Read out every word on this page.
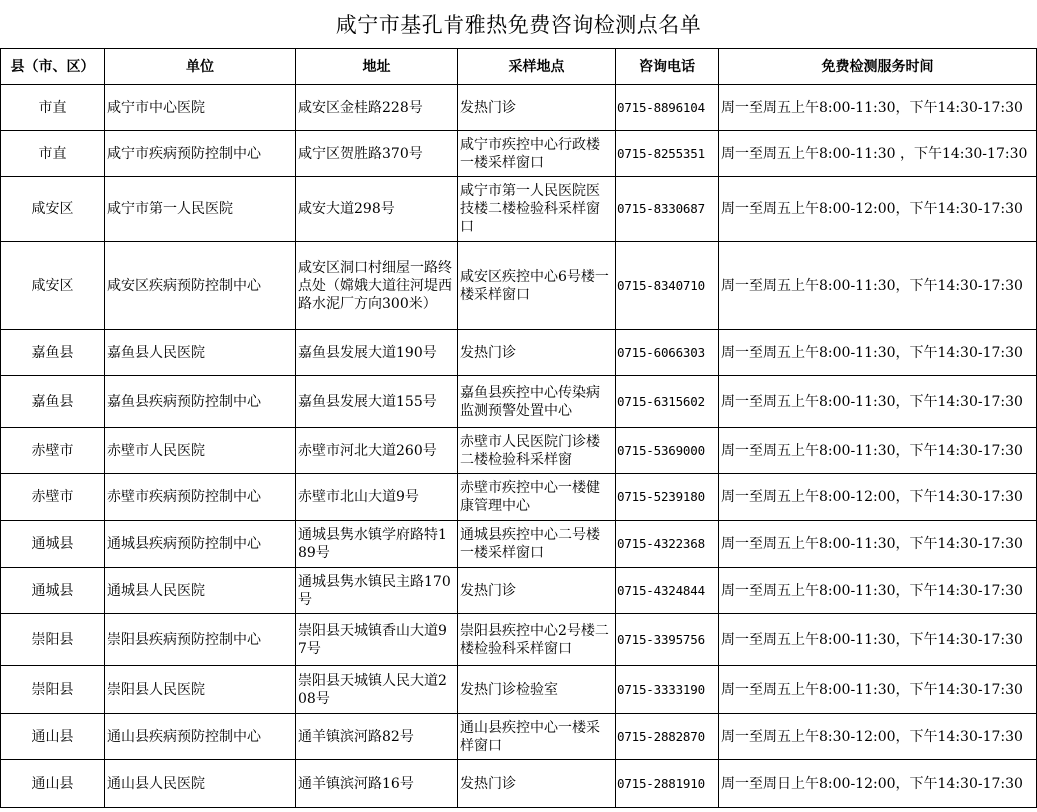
咸宁市基孔肯雅热免费咨询检测点名单
县（市、区）	单位	地址	采样地点	咨询电话	免费检测服务时间
市直	咸宁市中心医院	咸安区金桂路228号	发热门诊	0715-8896104	周一至周五上午8:00-11:30，下午14:30-17:30
市直	咸宁市疾病预防控制中心	咸宁区贺胜路370号	咸宁市疾控中心行政楼一楼采样窗口	0715-8255351	周一至周五上午8:00-11:30 ，下午14:30-17:30
咸安区	咸宁市第一人民医院	咸安大道298号	咸宁市第一人民医院医技楼二楼检验科采样窗口	0715-8330687	周一至周五上午8:00-12:00，下午14:30-17:30
咸安区	咸安区疾病预防控制中心	咸安区洞口村细屋一路终点处（嫦娥大道往河堤西路水泥厂方向300米）	咸安区疾控中心6号楼一楼采样窗口	0715-8340710	周一至周五上午8:00-11:30，下午14:30-17:30
嘉鱼县	嘉鱼县人民医院	嘉鱼县发展大道190号	发热门诊	0715-6066303	周一至周五上午8:00-11:30，下午14:30-17:30
嘉鱼县	嘉鱼县疾病预防控制中心	嘉鱼县发展大道155号	嘉鱼县疾控中心传染病监测预警处置中心	0715-6315602	周一至周五上午8:00-11:30，下午14:30-17:30
赤壁市	赤壁市人民医院	赤壁市河北大道260号	赤壁市人民医院门诊楼二楼检验科采样窗	0715-5369000	周一至周五上午8:00-11:30，下午14:30-17:30
赤壁市	赤壁市疾病预防控制中心	赤壁市北山大道9号	赤壁市疾控中心一楼健康管理中心	0715-5239180	周一至周五上午8:00-12:00，下午14:30-17:30
通城县	通城县疾病预防控制中心	通城县隽水镇学府路特189号	通城县疾控中心二号楼一楼采样窗口	0715-4322368	周一至周五上午8:00-11:30，下午14:30-17:30
通城县	通城县人民医院	通城县隽水镇民主路170号	发热门诊	0715-4324844	周一至周五上午8:00-11:30，下午14:30-17:30
崇阳县	崇阳县疾病预防控制中心	崇阳县天城镇香山大道97号	崇阳县疾控中心2号楼二楼检验科采样窗口	0715-3395756	周一至周五上午8:00-11:30，下午14:30-17:30
崇阳县	崇阳县人民医院	崇阳县天城镇人民大道208号	发热门诊检验室	0715-3333190	周一至周五上午8:00-11:30，下午14:30-17:30
通山县	通山县疾病预防控制中心	通羊镇滨河路82号	通山县疾控中心一楼采样窗口	0715-2882870	周一至周五上午8:30-12:00，下午14:30-17:30
通山县	通山县人民医院	通羊镇滨河路16号	发热门诊	0715-2881910	周一至周日上午8:00-12:00，下午14:30-17:30
